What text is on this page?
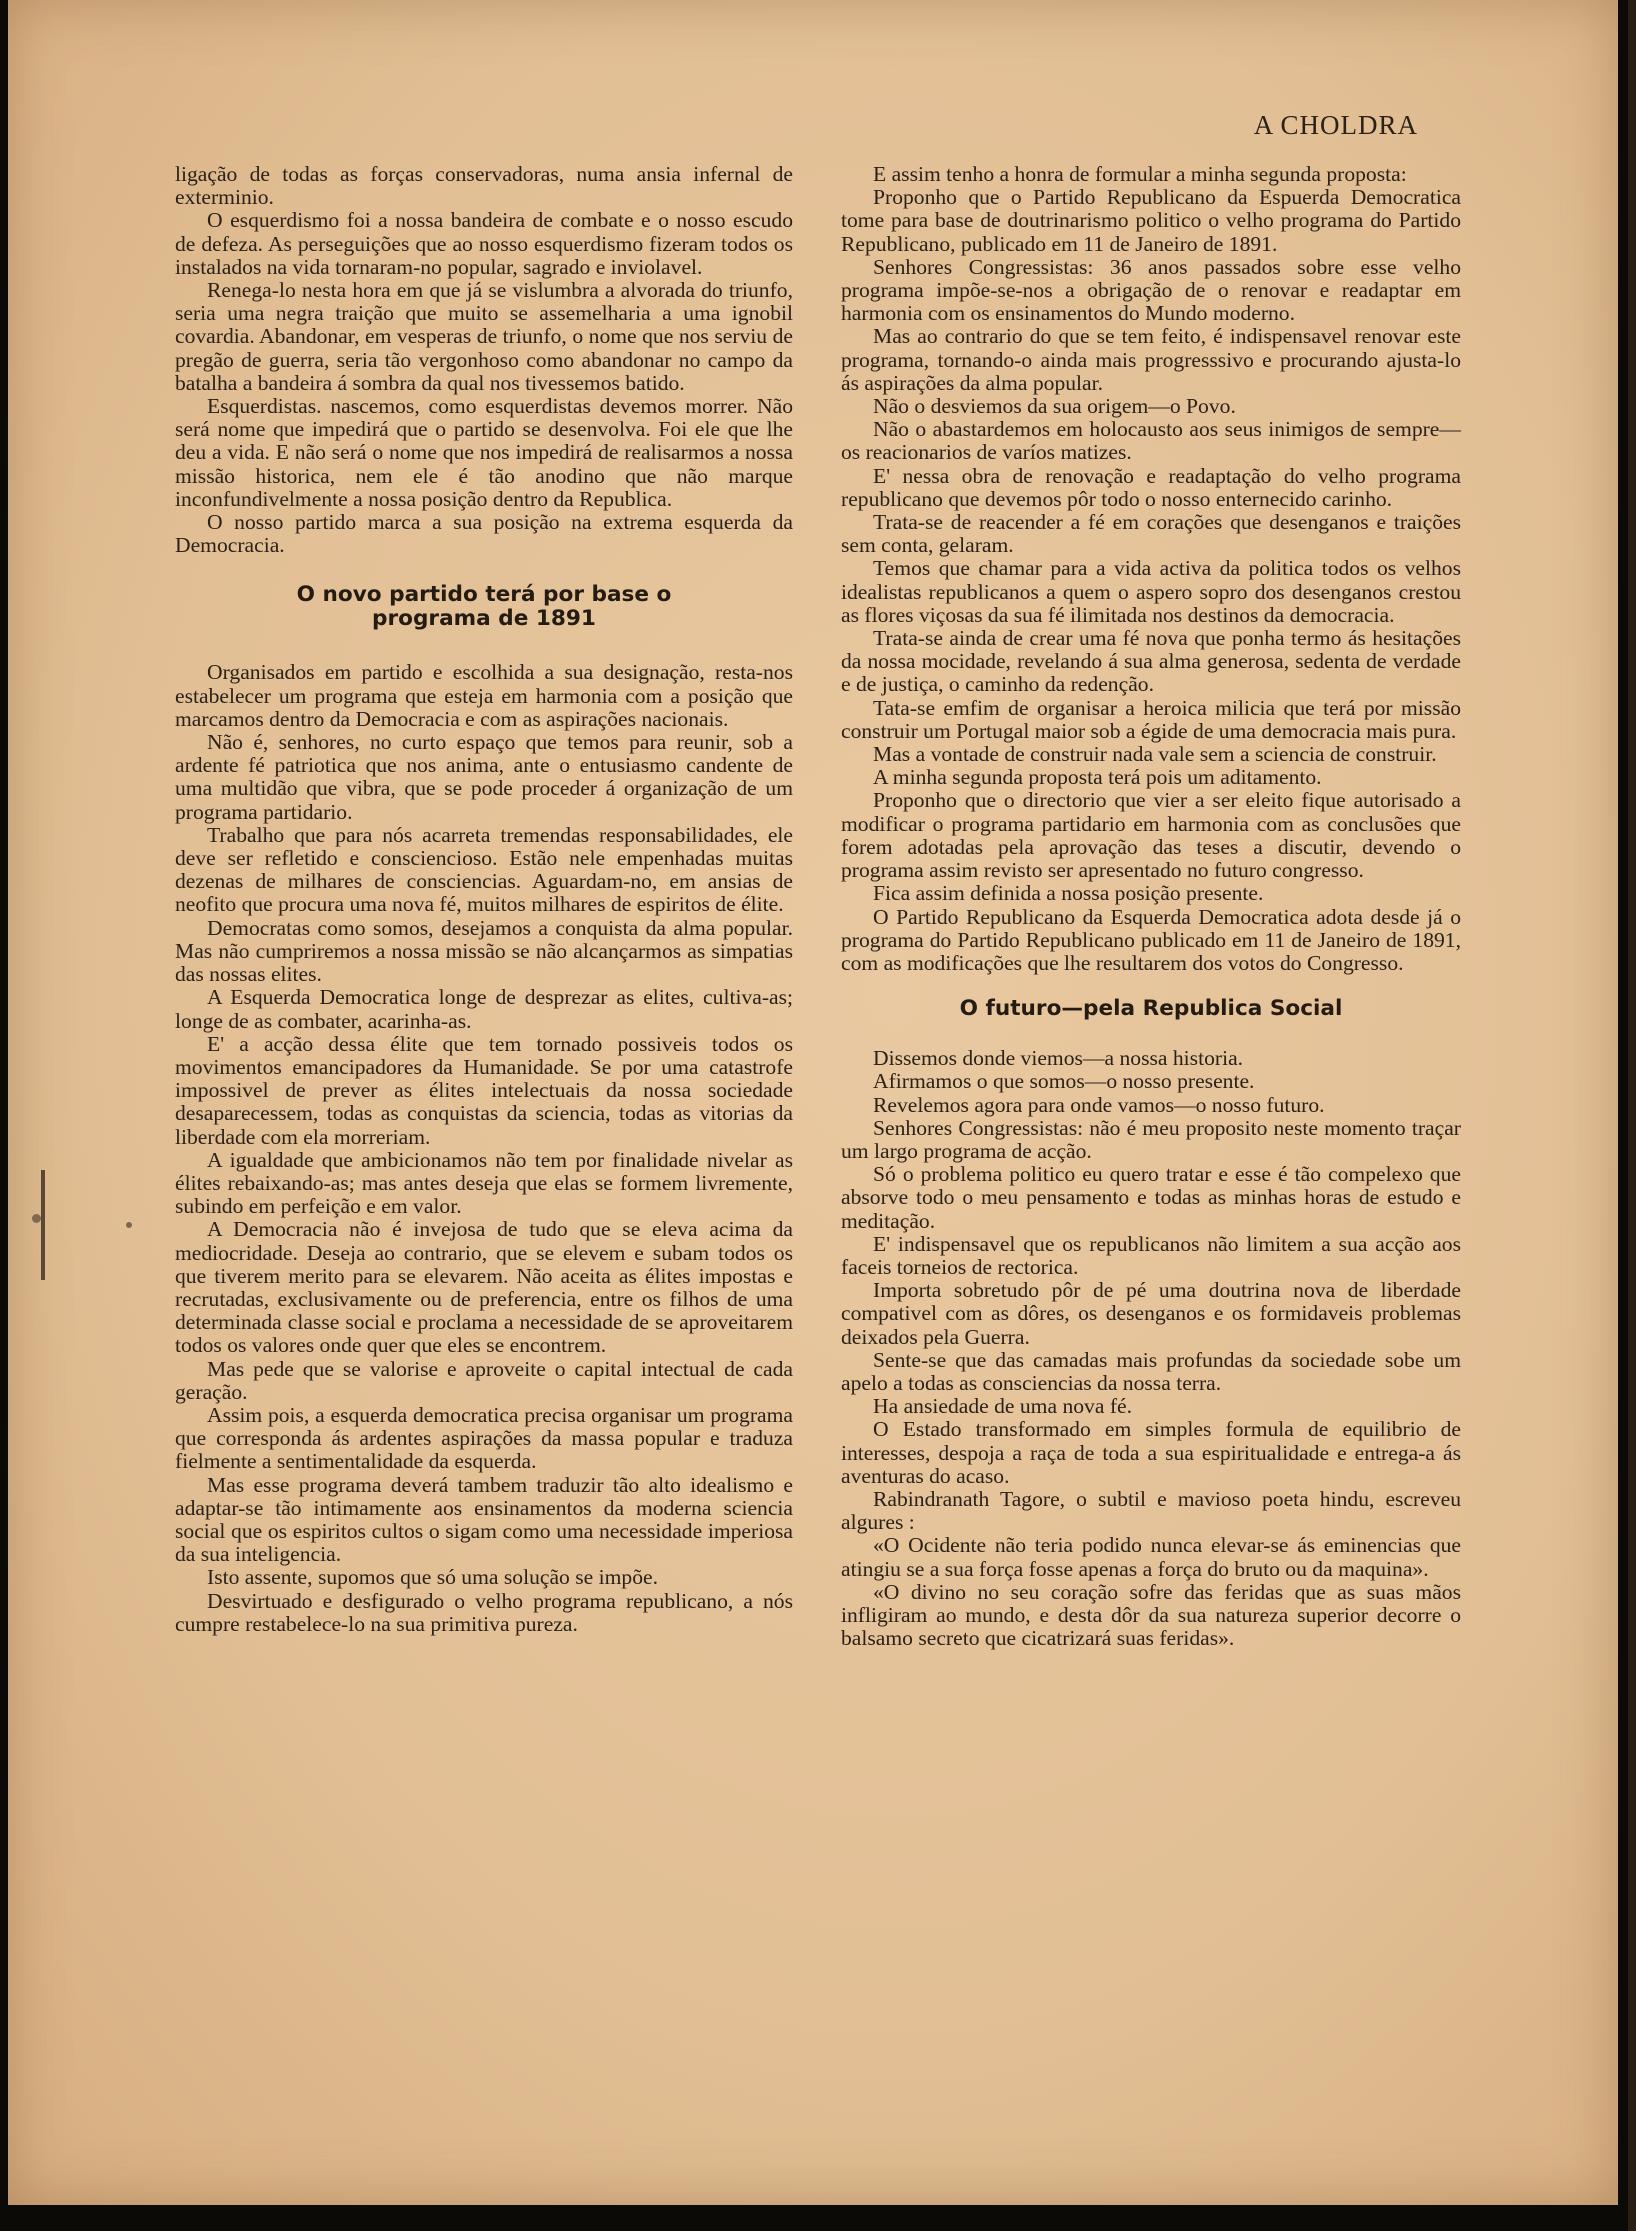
A CHOLDRA

ligação de todas as forças conservadoras, numa ansia infernal de exterminio.

O esquerdismo foi a nossa bandeira de combate e o nosso escudo de defeza. As perseguições que ao nosso esquerdismo fizeram todos os instalados na vida tornaram-no popular, sagrado e inviolavel.

Renega-lo nesta hora em que já se vislumbra a alvorada do triunfo, seria uma negra traição que muito se assemelharia a uma ignobil covardia. Abandonar, em vesperas de triunfo, o nome que nos serviu de pregão de guerra, seria tão vergonhoso como abandonar no campo da batalha a bandeira á sombra da qual nos tivessemos batido.

Esquerdistas. nascemos, como esquerdistas devemos morrer. Não será nome que impedirá que o partido se desenvolva. Foi ele que lhe deu a vida. E não será o nome que nos impedirá de realisarmos a nossa missão historica, nem ele é tão anodino que não marque inconfundivelmente a nossa posição dentro da Republica.

O nosso partido marca a sua posição na extrema esquerda da Democracia.

O novo partido terá por base o programa de 1891

Organisados em partido e escolhida a sua designação, resta-nos estabelecer um programa que esteja em harmonia com a posição que marcamos dentro da Democracia e com as aspirações nacionais.

Não é, senhores, no curto espaço que temos para reunir, sob a ardente fé patriotica que nos anima, ante o entusiasmo candente de uma multidão que vibra, que se pode proceder á organização de um programa partidario.

Trabalho que para nós acarreta tremendas responsabilidades, ele deve ser refletido e consciencioso. Estão nele empenhadas muitas dezenas de milhares de consciencias. Aguardam-no, em ansias de neofito que procura uma nova fé, muitos milhares de espiritos de élite.

Democratas como somos, desejamos a conquista da alma popular. Mas não cumpriremos a nossa missão se não alcançarmos as simpatias das nossas elites.

A Esquerda Democratica longe de desprezar as elites, cultiva-as; longe de as combater, acarinha-as.

E' a acção dessa élite que tem tornado possiveis todos os movimentos emancipadores da Humanidade. Se por uma catastrofe impossivel de prever as élites intelectuais da nossa sociedade desaparecessem, todas as conquistas da sciencia, todas as vitorias da liberdade com ela morreriam.

A igualdade que ambicionamos não tem por finalidade nivelar as élites rebaixando-as; mas antes deseja que elas se formem livremente, subindo em perfeição e em valor.

A Democracia não é invejosa de tudo que se eleva acima da mediocridade. Deseja ao contrario, que se elevem e subam todos os que tiverem merito para se elevarem. Não aceita as élites impostas e recrutadas, exclusivamente ou de preferencia, entre os filhos de uma determinada classe social e proclama a necessidade de se aproveitarem todos os valores onde quer que eles se encontrem.

Mas pede que se valorise e aproveite o capital intectual de cada geração.

Assim pois, a esquerda democratica precisa organisar um programa que corresponda ás ardentes aspirações da massa popular e traduza fielmente a sentimentalidade da esquerda.

Mas esse programa deverá tambem traduzir tão alto idealismo e adaptar-se tão intimamente aos ensinamentos da moderna sciencia social que os espiritos cultos o sigam como uma necessidade imperiosa da sua inteligencia.

Isto assente, supomos que só uma solução se impõe.

Desvirtuado e desfigurado o velho programa republicano, a nós cumpre restabelece-lo na sua primitiva pureza.

E assim tenho a honra de formular a minha segunda proposta:

Proponho que o Partido Republicano da Espuerda Democratica tome para base de doutrinarismo politico o velho programa do Partido Republicano, publicado em 11 de Janeiro de 1891.

Senhores Congressistas: 36 anos passados sobre esse velho programa impõe-se-nos a obrigação de o renovar e readaptar em harmonia com os ensinamentos do Mundo moderno.

Mas ao contrario do que se tem feito, é indispensavel renovar este programa, tornando-o ainda mais progresssivo e procurando ajusta-lo ás aspirações da alma popular.

Não o desviemos da sua origem—o Povo.

Não o abastardemos em holocausto aos seus inimigos de sempre—os reacionarios de varíos matizes.

E' nessa obra de renovação e readaptação do velho programa republicano que devemos pôr todo o nosso enternecido carinho.

Trata-se de reacender a fé em corações que desenganos e traições sem conta, gelaram.

Temos que chamar para a vida activa da politica todos os velhos idealistas republicanos a quem o aspero sopro dos desenganos crestou as flores viçosas da sua fé ilimitada nos destinos da democracia.

Trata-se ainda de crear uma fé nova que ponha termo ás hesitações da nossa mocidade, revelando á sua alma generosa, sedenta de verdade e de justiça, o caminho da redenção.

Tata-se emfim de organisar a heroica milicia que terá por missão construir um Portugal maior sob a égide de uma democracia mais pura.

Mas a vontade de construir nada vale sem a sciencia de construir.

A minha segunda proposta terá pois um aditamento.

Proponho que o directorio que vier a ser eleito fique autorisado a modificar o programa partidario em harmonia com as conclusões que forem adotadas pela aprovação das teses a discutir, devendo o programa assim revisto ser apresentado no futuro congresso.

Fica assim definida a nossa posição presente.

O Partido Republicano da Esquerda Democratica adota desde já o programa do Partido Republicano publicado em 11 de Janeiro de 1891, com as modificações que lhe resultarem dos votos do Congresso.

O futuro—pela Republica Social

Dissemos donde viemos—a nossa historia.

Afirmamos o que somos—o nosso presente.

Revelemos agora para onde vamos—o nosso futuro.

Senhores Congressistas: não é meu proposito neste momento traçar um largo programa de acção.

Só o problema politico eu quero tratar e esse é tão compelexo que absorve todo o meu pensamento e todas as minhas horas de estudo e meditação.

E' indispensavel que os republicanos não limitem a sua acção aos faceis torneios de rectorica.

Importa sobretudo pôr de pé uma doutrina nova de liberdade compativel com as dôres, os desenganos e os formidaveis problemas deixados pela Guerra.

Sente-se que das camadas mais profundas da sociedade sobe um apelo a todas as consciencias da nossa terra.

Ha ansiedade de uma nova fé.

O Estado transformado em simples formula de equilibrio de interesses, despoja a raça de toda a sua espiritualidade e entrega-a ás aventuras do acaso.

Rabindranath Tagore, o subtil e mavioso poeta hindu, escreveu algures :

«O Ocidente não teria podido nunca elevar-se ás eminencias que atingiu se a sua força fosse apenas a força do bruto ou da maquina».

«O divino no seu coração sofre das feridas que as suas mãos infligiram ao mundo, e desta dôr da sua natureza superior decorre o balsamo secreto que cicatrizará suas feridas».
